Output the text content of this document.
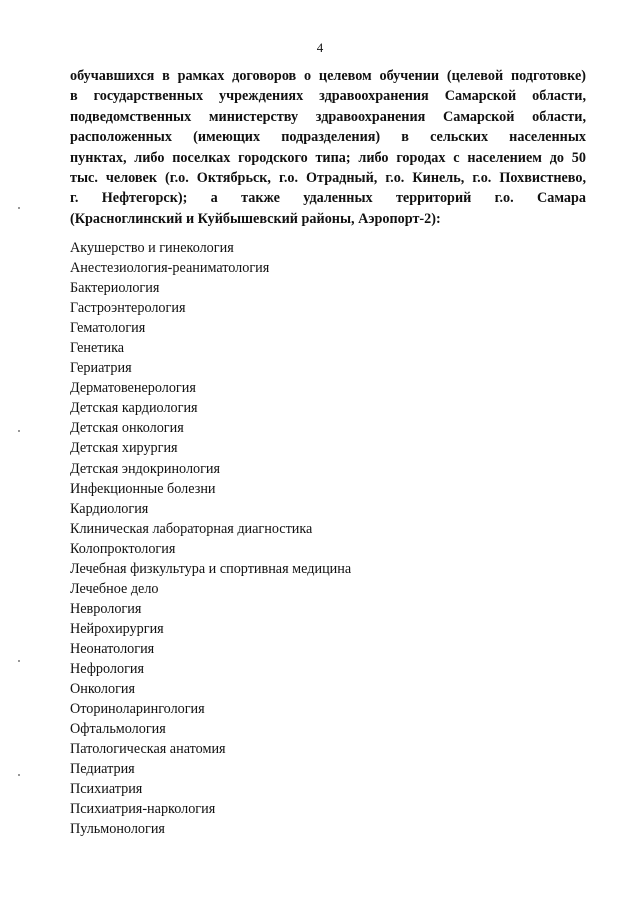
4
обучавшихся в рамках договоров о целевом обучении (целевой подготовке)
в государственных учреждениях здравоохранения Самарской области,
подведомственных министерству здравоохранения Самарской области,
расположенных (имеющих подразделения) в сельских населенных
пунктах, либо поселках городского типа; либо городах с населением до 50
тыс. человек (г.о. Октябрьск, г.о. Отрадный, г.о. Кинель, г.о. Похвистнево,
г. Нефтегорск); а также удаленных территорий г.о. Самара
(Красноглинский и Куйбышевский районы, Аэропорт-2):
Акушерство и гинекология
Анестезиология-реаниматология
Бактериология
Гастроэнтерология
Гематология
Генетика
Гериатрия
Дерматовенерология
Детская кардиология
Детская онкология
Детская хирургия
Детская эндокринология
Инфекционные болезни
Кардиология
Клиническая лабораторная диагностика
Колопроктология
Лечебная физкультура и спортивная медицина
Лечебное дело
Неврология
Нейрохирургия
Неонатология
Нефрология
Онкология
Оториноларингология
Офтальмология
Патологическая анатомия
Педиатрия
Психиатрия
Психиатрия-наркология
Пульмонология
